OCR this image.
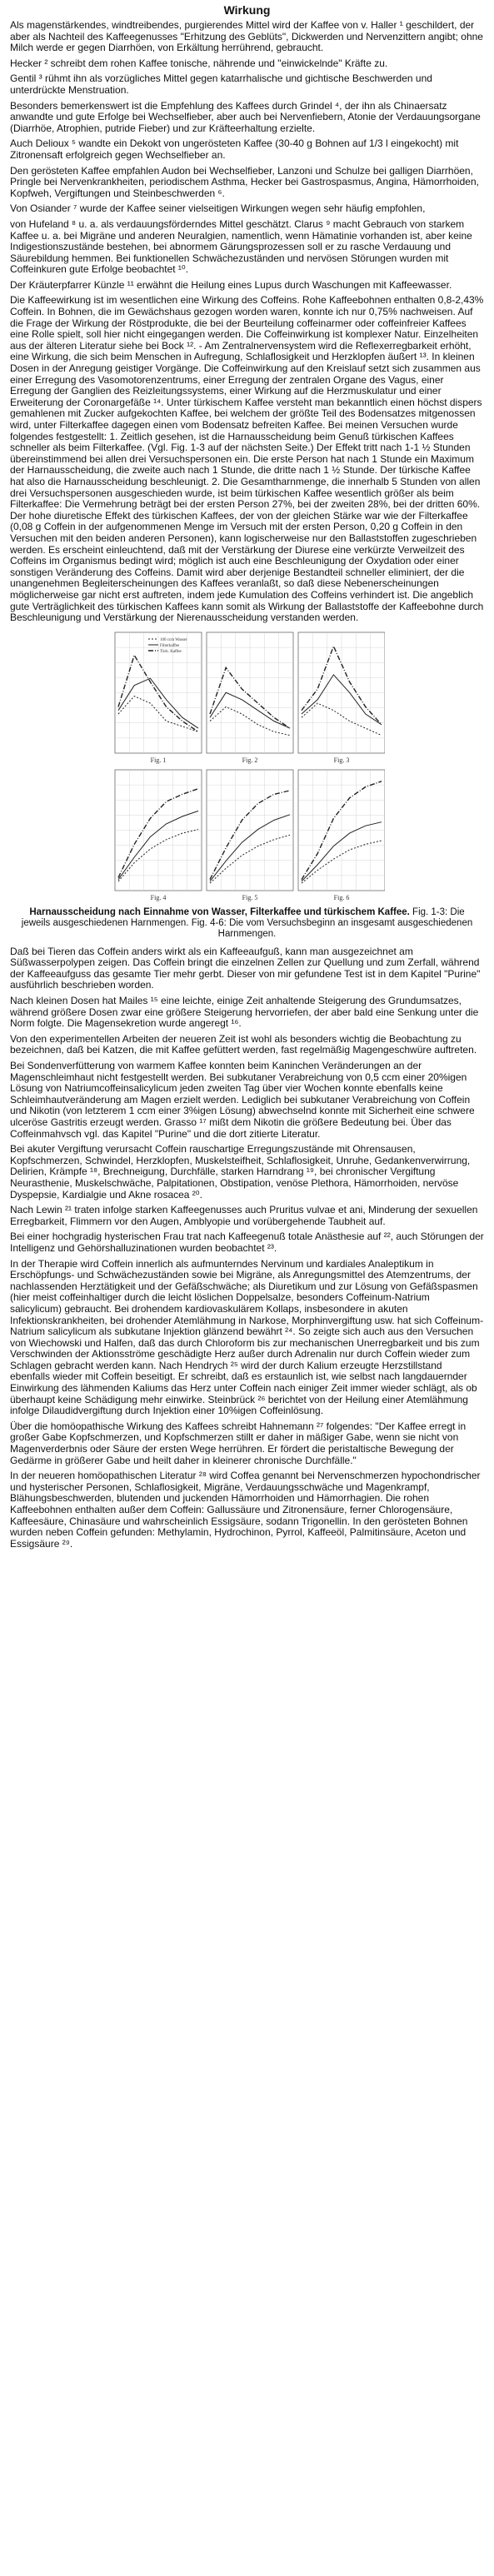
Wirkung

Als magenstärkendes, windtreibendes, purgierendes Mittel wird der Kaffee von v. Haller ¹ geschildert, der aber als Nachteil des Kaffeegenusses "Erhitzung des Geblüts", Dickwerden und Nervenzittern angibt; ohne Milch werde er gegen Diarrhöen, von Erkältung herrührend, gebraucht.

Hecker ² schreibt dem rohen Kaffee tonische, nährende und "einwickelnde" Kräfte zu.

Gentil ³ rühmt ihn als vorzügliches Mittel gegen katarrhalische und gichtische Beschwerden und unterdrückte Menstruation.

Besonders bemerkenswert ist die Empfehlung des Kaffees durch Grindel ⁴, der ihn als Chinaersatz anwandte und gute Erfolge bei Wechselfieber, aber auch bei Nervenfiebern, Atonie der Verdauungsorgane (Diarrhöe, Atrophien, putride Fieber) und zur Kräfteerhaltung erzielte.

Auch Delioux ⁵ wandte ein Dekokt von ungerösteten Kaffee (30-40 g Bohnen auf 1/3 l eingekocht) mit Zitronensaft erfolgreich gegen Wechselfieber an.

Den gerösteten Kaffee empfahlen Audon bei Wechselfieber, Lanzoni und Schulze bei galligen Diarrhöen, Pringle bei Nervenkrankheiten, periodischem Asthma, Hecker bei Gastrospasmus, Angina, Hämorrhoiden, Kopfweh, Vergiftungen und Steinbeschwerden ⁶.

Von Osiander ⁷ wurde der Kaffee seiner vielseitigen Wirkungen wegen sehr häufig empfohlen,

von Hufeland ⁸ u. a. als verdauungsförderndes Mittel geschätzt. Clarus ⁹ macht Gebrauch von starkem Kaffee u. a. bei Migräne und anderen Neuralgien, namentlich, wenn Hämatinie vorhanden ist, aber keine Indigestionszustände bestehen, bei abnormem Gärungsprozessen soll er zu rasche Verdauung und Säurebildung hemmen. Bei funktionellen Schwächezuständen und nervösen Störungen wurden mit Coffeinkuren gute Erfolge beobachtet ¹⁰.

Der Kräuterpfarrer Künzle ¹¹ erwähnt die Heilung eines Lupus durch Waschungen mit Kaffeewasser.

Die Kaffeewirkung ist im wesentlichen eine Wirkung des Coffeins. Rohe Kaffeebohnen enthalten 0,8-2,43% Coffein. In Bohnen, die im Gewächshaus gezogen worden waren, konnte ich nur 0,75% nachweisen. Auf die Frage der Wirkung der Röstprodukte, die bei der Beurteilung coffeinarmer oder coffeinfreier Kaffees eine Rolle spielt, soll hier nicht eingegangen werden. Die Coffeinwirkung ist komplexer Natur. Einzelheiten aus der älteren Literatur siehe bei Bock ¹². - Am Zentralnervensystem wird die Reflexerregbarkeit erhöht, eine Wirkung, die sich beim Menschen in Aufregung, Schlaflosigkeit und Herzklopfen äußert ¹³. In kleinen Dosen in der Anregung geistiger Vorgänge. Die Coffeinwirkung auf den Kreislauf setzt sich zusammen aus einer Erregung des Vasomotorenzentrums, einer Erregung der zentralen Organe des Vagus, einer Erregung der Ganglien des Reizleitungssystems, einer Wirkung auf die Herzmuskulatur und einer Erweiterung der Coronargefäße ¹⁴. Unter türkischem Kaffee versteht man bekanntlich einen höchst dispers gemahlenen mit Zucker aufgekochten Kaffee, bei welchem der größte Teil des Bodensatzes mitgenossen wird, unter Filterkaffee dagegen einen vom Bodensatz befreiten Kaffee. Bei meinen Versuchen wurde folgendes festgestellt: 1. Zeitlich gesehen, ist die Harnausscheidung beim Genuß türkischen Kaffees schneller als beim Filterkaffee. (Vgl. Fig. 1-3 auf der nächsten Seite.) Der Effekt tritt nach 1-1 ½ Stunden übereinstimmend bei allen drei Versuchspersonen ein. Die erste Person hat nach 1 Stunde ein Maximum der Harnausscheidung, die zweite auch nach 1 Stunde, die dritte nach 1 ½ Stunde. Der türkische Kaffee hat also die Harnausscheidung beschleunigt. 2. Die Gesamtharnmenge, die innerhalb 5 Stunden von allen drei Versuchspersonen ausgeschieden wurde, ist beim türkischen Kaffee wesentlich größer als beim Filterkaffee: Die Vermehrung beträgt bei der ersten Person 27%, bei der zweiten 28%, bei der dritten 60%. Der hohe diuretische Effekt des türkischen Kaffees, der von der gleichen Stärke war wie der Filterkaffee (0,08 g Coffein in der aufgenommenen Menge im Versuch mit der ersten Person, 0,20 g Coffein in den Versuchen mit den beiden anderen Personen), kann logischerweise nur den Ballaststoffen zugeschrieben werden. Es erscheint einleuchtend, daß mit der Verstärkung der Diurese eine verkürzte Verweilzeit des Coffeins im Organismus bedingt wird; möglich ist auch eine Beschleunigung der Oxydation oder einer sonstigen Veränderung des Coffeins. Damit wird aber derjenige Bestandteil schneller eliminiert, der die unangenehmen Begleiterscheinungen des Kaffees veranlaßt, so daß diese Nebenerscheinungen möglicherweise gar nicht erst auftreten, indem jede Kumulation des Coffeins verhindert ist. Die angeblich gute Verträglichkeit des türkischen Kaffees kann somit als Wirkung der Ballaststoffe der Kaffeebohne durch Beschleunigung und Verstärkung der Nierenausscheidung verstanden werden.

Fig. 1	Fig. 2	Fig. 3
Fig. 4	Fig. 5	Fig. 6
100 ccm Wasser
Filterkaffee
Türk. Kaffee
Harnausscheidung nach Einnahme von Wasser, Filterkaffee und türkischem Kaffee. Fig. 1-3: Die jeweils ausgeschiedenen Harnmengen. Fig. 4-6: Die vom Versuchsbeginn an insgesamt ausgeschiedenen Harnmengen.

Daß bei Tieren das Coffein anders wirkt als ein Kaffeeaufguß, kann man ausgezeichnet am Süßwasserpolypen zeigen. Das Coffein bringt die einzelnen Zellen zur Quellung und zum Zerfall, während der Kaffeeaufguss das gesamte Tier mehr gerbt. Dieser von mir gefundene Test ist in dem Kapitel "Purine" ausführlich beschrieben worden.

Nach kleinen Dosen hat Mailes ¹⁵ eine leichte, einige Zeit anhaltende Steigerung des Grundumsatzes, während größere Dosen zwar eine größere Steigerung hervorriefen, der aber bald eine Senkung unter die Norm folgte. Die Magensekretion wurde angeregt ¹⁶.

Von den experimentellen Arbeiten der neueren Zeit ist wohl als besonders wichtig die Beobachtung zu bezeichnen, daß bei Katzen, die mit Kaffee gefüttert werden, fast regelmäßig Magengeschwüre auftreten.

Bei Sondenverfütterung von warmem Kaffee konnten beim Kaninchen Veränderungen an der Magenschleimhaut nicht festgestellt werden. Bei subkutaner Verabreichung von 0,5 ccm einer 20%igen Lösung von Natriumcoffeinsalicylicum jeden zweiten Tag über vier Wochen konnte ebenfalls keine Schleimhautveränderung am Magen erzielt werden. Lediglich bei subkutaner Verabreichung von Coffein und Nikotin (von letzterem 1 ccm einer 3%igen Lösung) abwechselnd konnte mit Sicherheit eine schwere ulceröse Gastritis erzeugt werden. Grasso ¹⁷ mißt dem Nikotin die größere Bedeutung bei. Über das Coffeinmahvsch vgl. das Kapitel "Purine" und die dort zitierte Literatur.

Bei akuter Vergiftung verursacht Coffein rauschartige Erregungszustände mit Ohrensausen, Kopfschmerzen, Schwindel, Herzklopfen, Muskelsteifheit, Schlaflosigkeit, Unruhe, Gedankenverwirrung, Delirien, Krämpfe ¹⁸, Brechneigung, Durchfälle, starken Harndrang ¹⁹, bei chronischer Vergiftung Neurasthenie, Muskelschwäche, Palpitationen, Obstipation, venöse Plethora, Hämorrhoiden, nervöse Dyspepsie, Kardialgie und Akne rosacea ²⁰.

Nach Lewin ²¹ traten infolge starken Kaffeegenusses auch Pruritus vulvae et ani, Minderung der sexuellen Erregbarkeit, Flimmern vor den Augen, Amblyopie und vorübergehende Taubheit auf.

Bei einer hochgradig hysterischen Frau trat nach Kaffeegenuß totale Anästhesie auf ²², auch Störungen der Intelligenz und Gehörshalluzinationen wurden beobachtet ²³.

In der Therapie wird Coffein innerlich als aufmunterndes Nervinum und kardiales Analeptikum in Erschöpfungs- und Schwächezuständen sowie bei Migräne, als Anregungsmittel des Atemzentrums, der nachlassenden Herztätigkeit und der Gefäßschwäche; als Diuretikum und zur Lösung von Gefäßspasmen (hier meist coffeinhaltiger durch die leicht löslichen Doppelsalze, besonders Coffeinum-Natrium salicylicum) gebraucht. Bei drohendem kardiovaskulärem Kollaps, insbesondere in akuten Infektionskrankheiten, bei drohender Atemlähmung in Narkose, Morphinvergiftung usw. hat sich Coffeinum-Natrium salicylicum als subkutane Injektion glänzend bewährt ²⁴. So zeigte sich auch aus den Versuchen von Wiechowski und Halfen, daß das durch Chloroform bis zur mechanischen Unerregbarkeit und bis zum Verschwinden der Aktionsströme geschädigte Herz außer durch Adrenalin nur durch Coffein wieder zum Schlagen gebracht werden kann. Nach Hendrych ²⁵ wird der durch Kalium erzeugte Herzstillstand ebenfalls wieder mit Coffein beseitigt. Er schreibt, daß es erstaunlich ist, wie selbst nach langdauernder Einwirkung des lähmenden Kaliums das Herz unter Coffein nach einiger Zeit immer wieder schlägt, als ob überhaupt keine Schädigung mehr einwirke. Steinbrück ²⁶ berichtet von der Heilung einer Atemlähmung infolge Dilaudidvergiftung durch Injektion einer 10%igen Coffeinlösung.

Über die homöopathische Wirkung des Kaffees schreibt Hahnemann ²⁷ folgendes: "Der Kaffee erregt in großer Gabe Kopfschmerzen, und Kopfschmerzen stillt er daher in mäßiger Gabe, wenn sie nicht von Magenverderbnis oder Säure der ersten Wege herrühren. Er fördert die peristaltische Bewegung der Gedärme in größerer Gabe und heilt daher in kleinerer chronische Durchfälle."

In der neueren homöopathischen Literatur ²⁸ wird Coffea genannt bei Nervenschmerzen hypochondrischer und hysterischer Personen, Schlaflosigkeit, Migräne, Verdauungsschwäche und Magenkrampf, Blähungsbeschwerden, blutenden und juckenden Hämorrhoiden und Hämorrhagien. Die rohen Kaffeebohnen enthalten außer dem Coffein: Gallussäure und Zitronensäure, ferner Chlorogensäure, Kaffeesäure, Chinasäure und wahrscheinlich Essigsäure, sodann Trigonellin. In den gerösteten Bohnen wurden neben Coffein gefunden: Methylamin, Hydrochinon, Pyrrol, Kaffeeöl, Palmitinsäure, Aceton und Essigsäure ²⁹.
